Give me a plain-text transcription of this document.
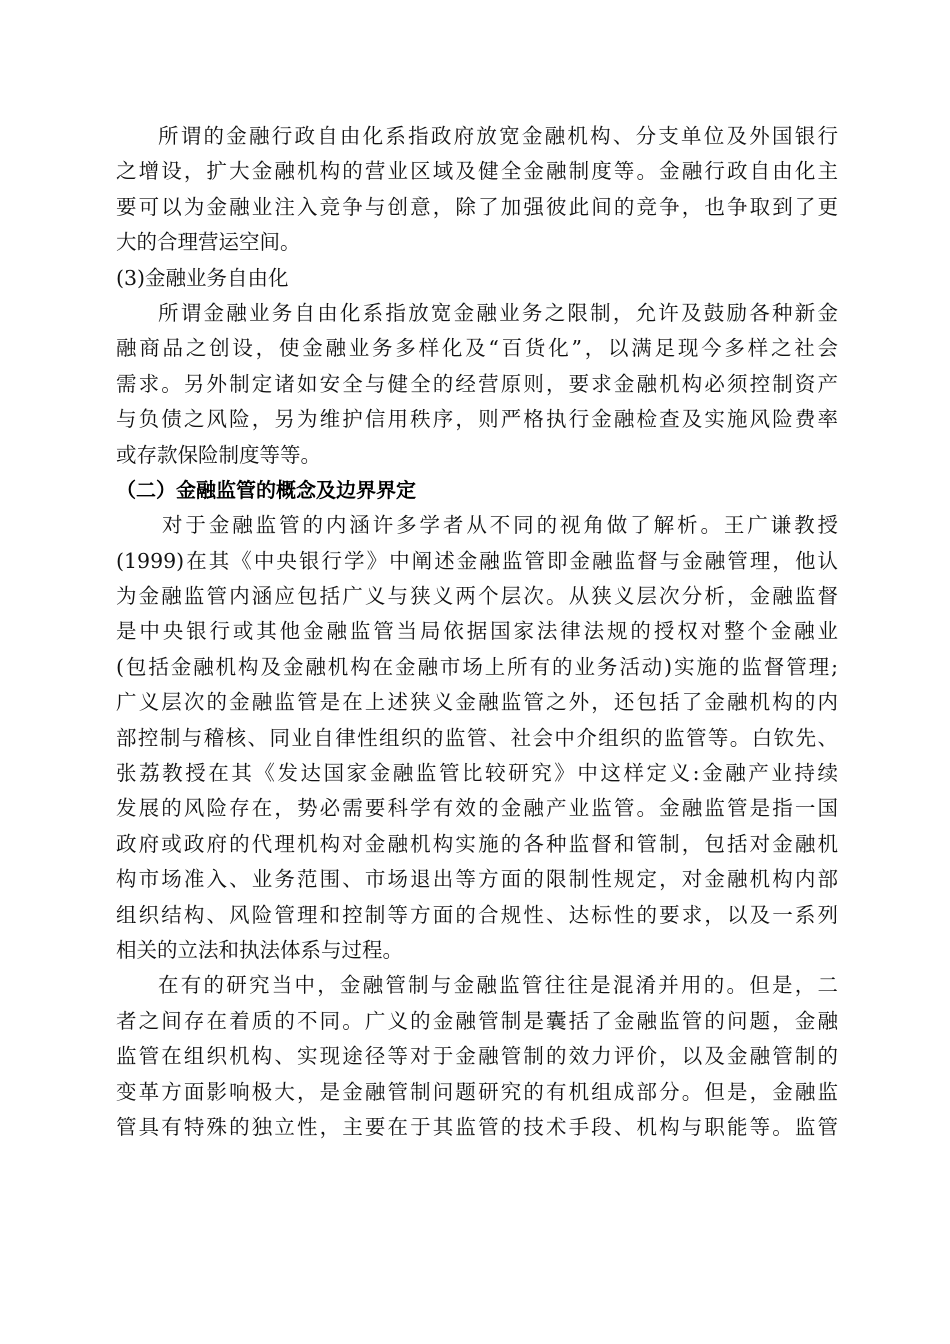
所谓的金融行政自由化系指政府放宽金融机构、分支单位及外国银行
之增设，扩大金融机构的营业区域及健全金融制度等。金融行政自由化主
要可以为金融业注入竞争与创意，除了加强彼此间的竞争，也争取到了更
大的合理营运空间。
(3)金融业务自由化
所谓金融业务自由化系指放宽金融业务之限制，允许及鼓励各种新金
融商品之创设，使金融业务多样化及“百货化”，以满足现今多样之社会
需求。另外制定诸如安全与健全的经营原则，要求金融机构必须控制资产
与负债之风险，另为维护信用秩序，则严格执行金融检查及实施风险费率
或存款保险制度等等。
（二）金融监管的概念及边界界定
对于金融监管的内涵许多学者从不同的视角做了解析。王广谦教授
(1999)在其《中央银行学》中阐述金融监管即金融监督与金融管理，他认
为金融监管内涵应包括广义与狭义两个层次。从狭义层次分析，金融监督
是中央银行或其他金融监管当局依据国家法律法规的授权对整个金融业
(包括金融机构及金融机构在金融市场上所有的业务活动)实施的监督管理;
广义层次的金融监管是在上述狭义金融监管之外，还包括了金融机构的内
部控制与稽核、同业自律性组织的监管、社会中介组织的监管等。白钦先、
张荔教授在其《发达国家金融监管比较研究》中这样定义:金融产业持续
发展的风险存在，势必需要科学有效的金融产业监管。金融监管是指一国
政府或政府的代理机构对金融机构实施的各种监督和管制，包括对金融机
构市场准入、业务范围、市场退出等方面的限制性规定，对金融机构内部
组织结构、风险管理和控制等方面的合规性、达标性的要求，以及一系列
相关的立法和执法体系与过程。
在有的研究当中，金融管制与金融监管往往是混淆并用的。但是，二
者之间存在着质的不同。广义的金融管制是囊括了金融监管的问题，金融
监管在组织机构、实现途径等对于金融管制的效力评价，以及金融管制的
变革方面影响极大，是金融管制问题研究的有机组成部分。但是，金融监
管具有特殊的独立性，主要在于其监管的技术手段、机构与职能等。监管
